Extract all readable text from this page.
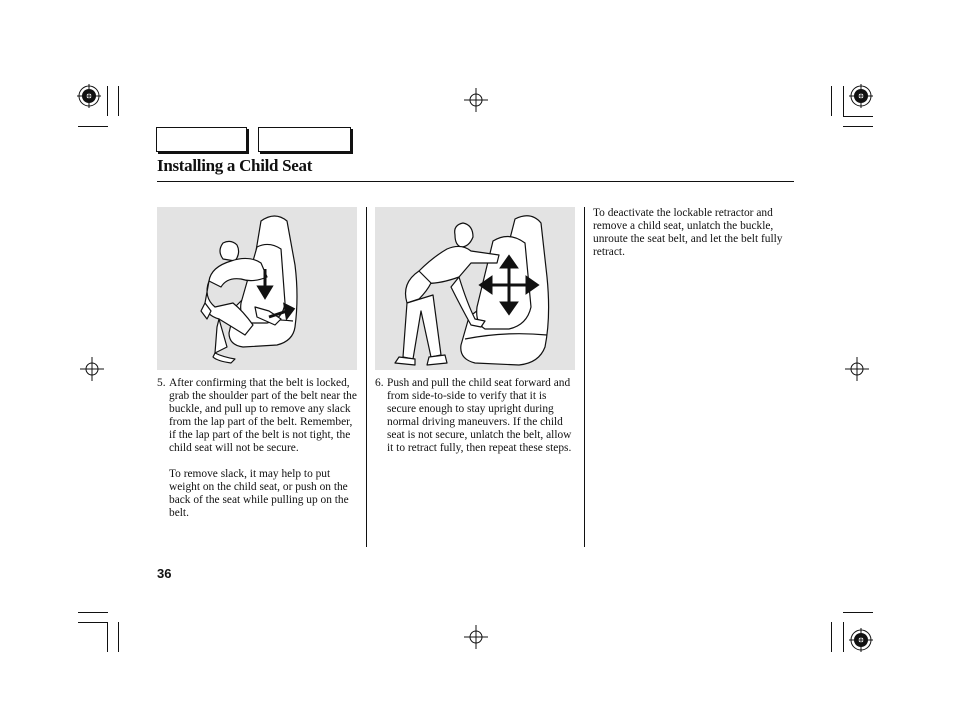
Installing a Child Seat
5. After confirming that the belt is locked, grab the shoulder part of the belt near the buckle, and pull up to remove any slack from the lap part of the belt. Remember, if the lap part of the belt is not tight, the child seat will not be secure.

To remove slack, it may help to put weight on the child seat, or push on the back of the seat while pulling up on the belt.

6. Push and pull the child seat forward and from side-to-side to verify that it is secure enough to stay upright during normal driving maneuvers. If the child seat is not secure, unlatch the belt, allow it to retract fully, then repeat these steps.

To deactivate the lockable retractor and remove a child seat, unlatch the buckle, unroute the seat belt, and let the belt fully retract.
36
